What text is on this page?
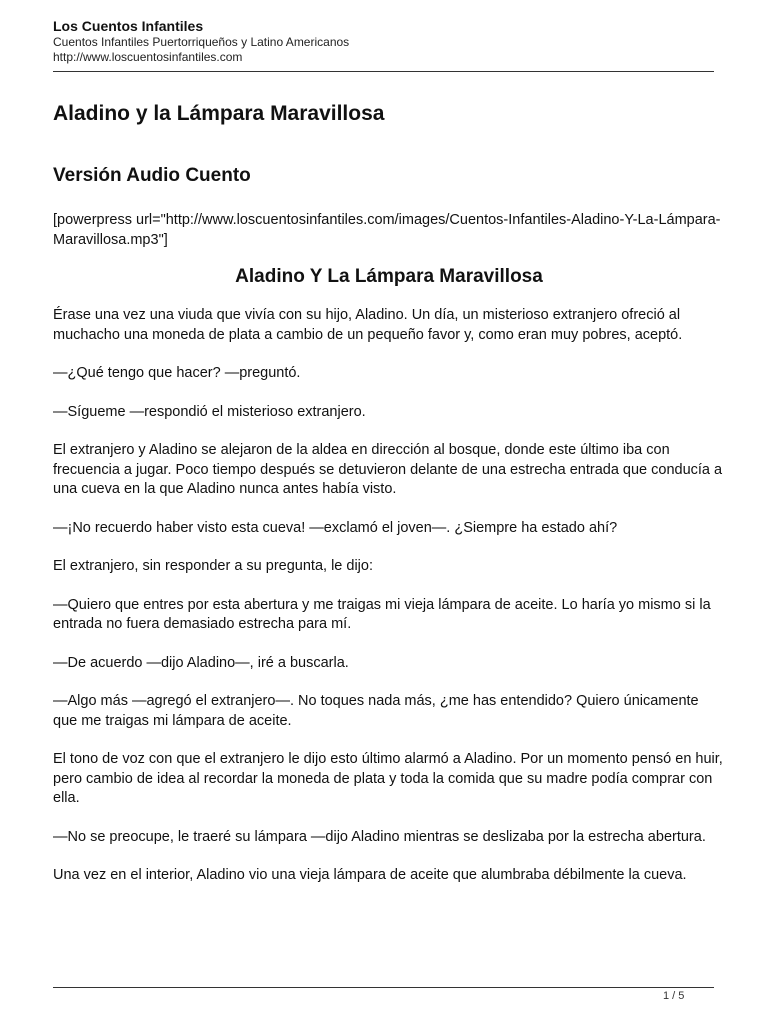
Los Cuentos Infantiles
Cuentos Infantiles Puertorriqueños y Latino Americanos
http://www.loscuentosinfantiles.com
Aladino y la Lámpara Maravillosa
Versión Audio Cuento
[powerpress url="http://www.loscuentosinfantiles.com/images/Cuentos-Infantiles-Aladino-Y-La-Lámpara-Maravillosa.mp3"]
Aladino Y La Lámpara Maravillosa

Érase una vez una viuda que vivía con su hijo, Aladino. Un día, un misterioso extranjero ofreció al muchacho una moneda de plata a cambio de un pequeño favor y, como eran muy pobres, aceptó.

—¿Qué tengo que hacer? —preguntó.

—Sígueme —respondió el misterioso extranjero.

El extranjero y Aladino se alejaron de la aldea en dirección al bosque, donde este último iba con frecuencia a jugar. Poco tiempo después se detuvieron delante de una estrecha entrada que conducía a una cueva en la que Aladino nunca antes había visto.

—¡No recuerdo haber visto esta cueva! —exclamó el joven—. ¿Siempre ha estado ahí?

El extranjero, sin responder a su pregunta, le dijo:

—Quiero que entres por esta abertura y me traigas mi vieja lámpara de aceite. Lo haría yo mismo si la entrada no fuera demasiado estrecha para mí.

—De acuerdo —dijo Aladino—, iré a buscarla.

—Algo más —agregó el extranjero—. No toques nada más, ¿me has entendido? Quiero únicamente que me traigas mi lámpara de aceite.

El tono de voz con que el extranjero le dijo esto último alarmó a Aladino. Por un momento pensó en huir, pero cambio de idea al recordar la moneda de plata y toda la comida que su madre podía comprar con ella.

—No se preocupe, le traeré su lámpara —dijo Aladino mientras se deslizaba por la estrecha abertura.

Una vez en el interior, Aladino vio una vieja lámpara de aceite que alumbraba débilmente la cueva.

1 / 5
